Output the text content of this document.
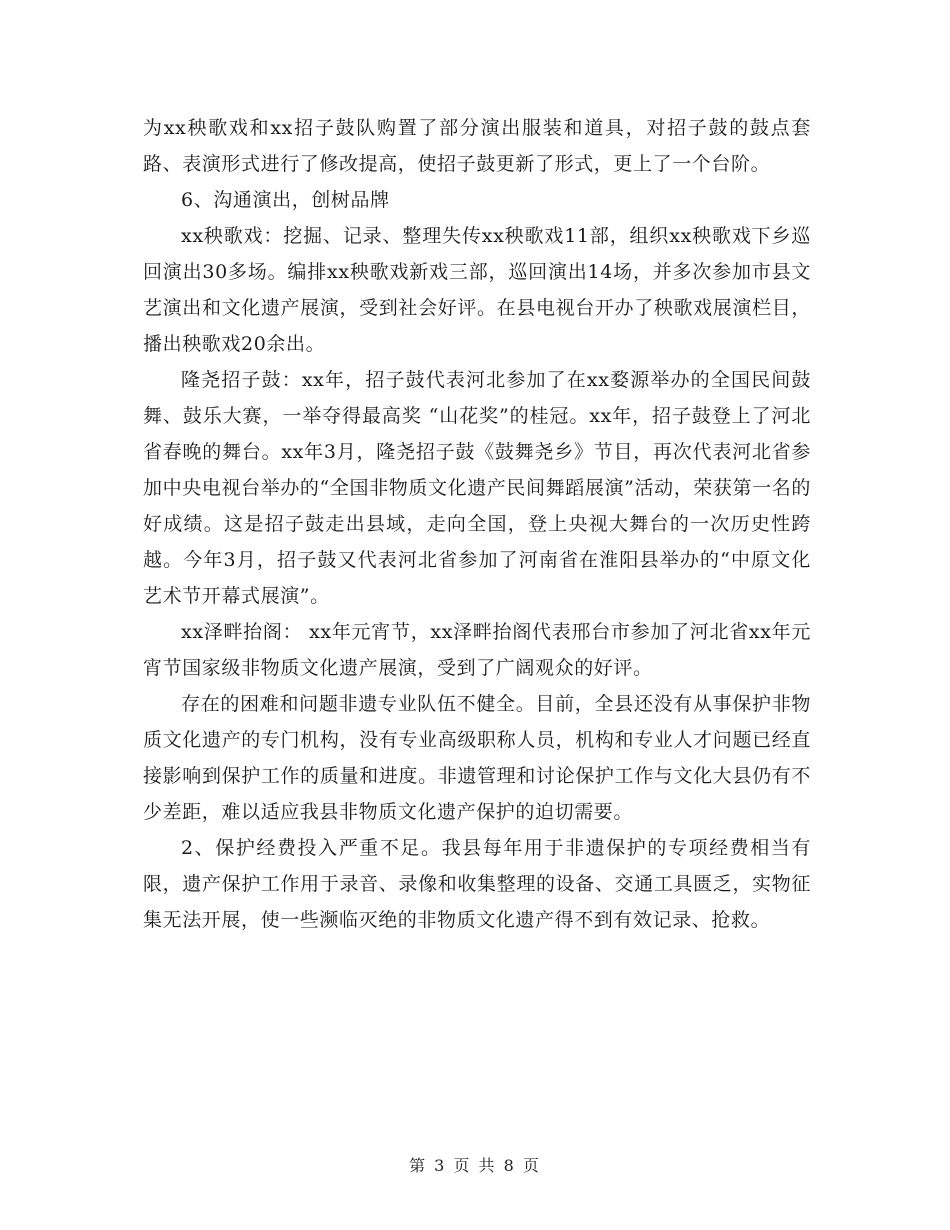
为xx秧歌戏和xx招子鼓队购置了部分演出服装和道具，对招子鼓的鼓点套路、表演形式进行了修改提高，使招子鼓更新了形式，更上了一个台阶。

6、沟通演出，创树品牌

xx秧歌戏：挖掘、记录、整理失传xx秧歌戏11部，组织xx秧歌戏下乡巡回演出30多场。编排xx秧歌戏新戏三部，巡回演出14场，并多次参加市县文艺演出和文化遗产展演，受到社会好评。在县电视台开办了秧歌戏展演栏目，播出秧歌戏20余出。

隆尧招子鼓：xx年，招子鼓代表河北参加了在xx婺源举办的全国民间鼓舞、鼓乐大赛，一举夺得最高奖 “山花奖”的桂冠。xx年，招子鼓登上了河北省春晚的舞台。xx年3月，隆尧招子鼓《鼓舞尧乡》节目，再次代表河北省参加中央电视台举办的“全国非物质文化遗产民间舞蹈展演”活动，荣获第一名的好成绩。这是招子鼓走出县域，走向全国，登上央视大舞台的一次历史性跨越。今年3月，招子鼓又代表河北省参加了河南省在淮阳县举办的“中原文化艺术节开幕式展演”。

xx泽畔抬阁： xx年元宵节，xx泽畔抬阁代表邢台市参加了河北省xx年元宵节国家级非物质文化遗产展演，受到了广阔观众的好评。

存在的困难和问题非遗专业队伍不健全。目前，全县还没有从事保护非物质文化遗产的专门机构，没有专业高级职称人员，机构和专业人才问题已经直接影响到保护工作的质量和进度。非遗管理和讨论保护工作与文化大县仍有不少差距，难以适应我县非物质文化遗产保护的迫切需要。

2、保护经费投入严重不足。我县每年用于非遗保护的专项经费相当有限，遗产保护工作用于录音、录像和收集整理的设备、交通工具匮乏，实物征集无法开展，使一些濒临灭绝的非物质文化遗产得不到有效记录、抢救。

第 3 页 共 8 页
